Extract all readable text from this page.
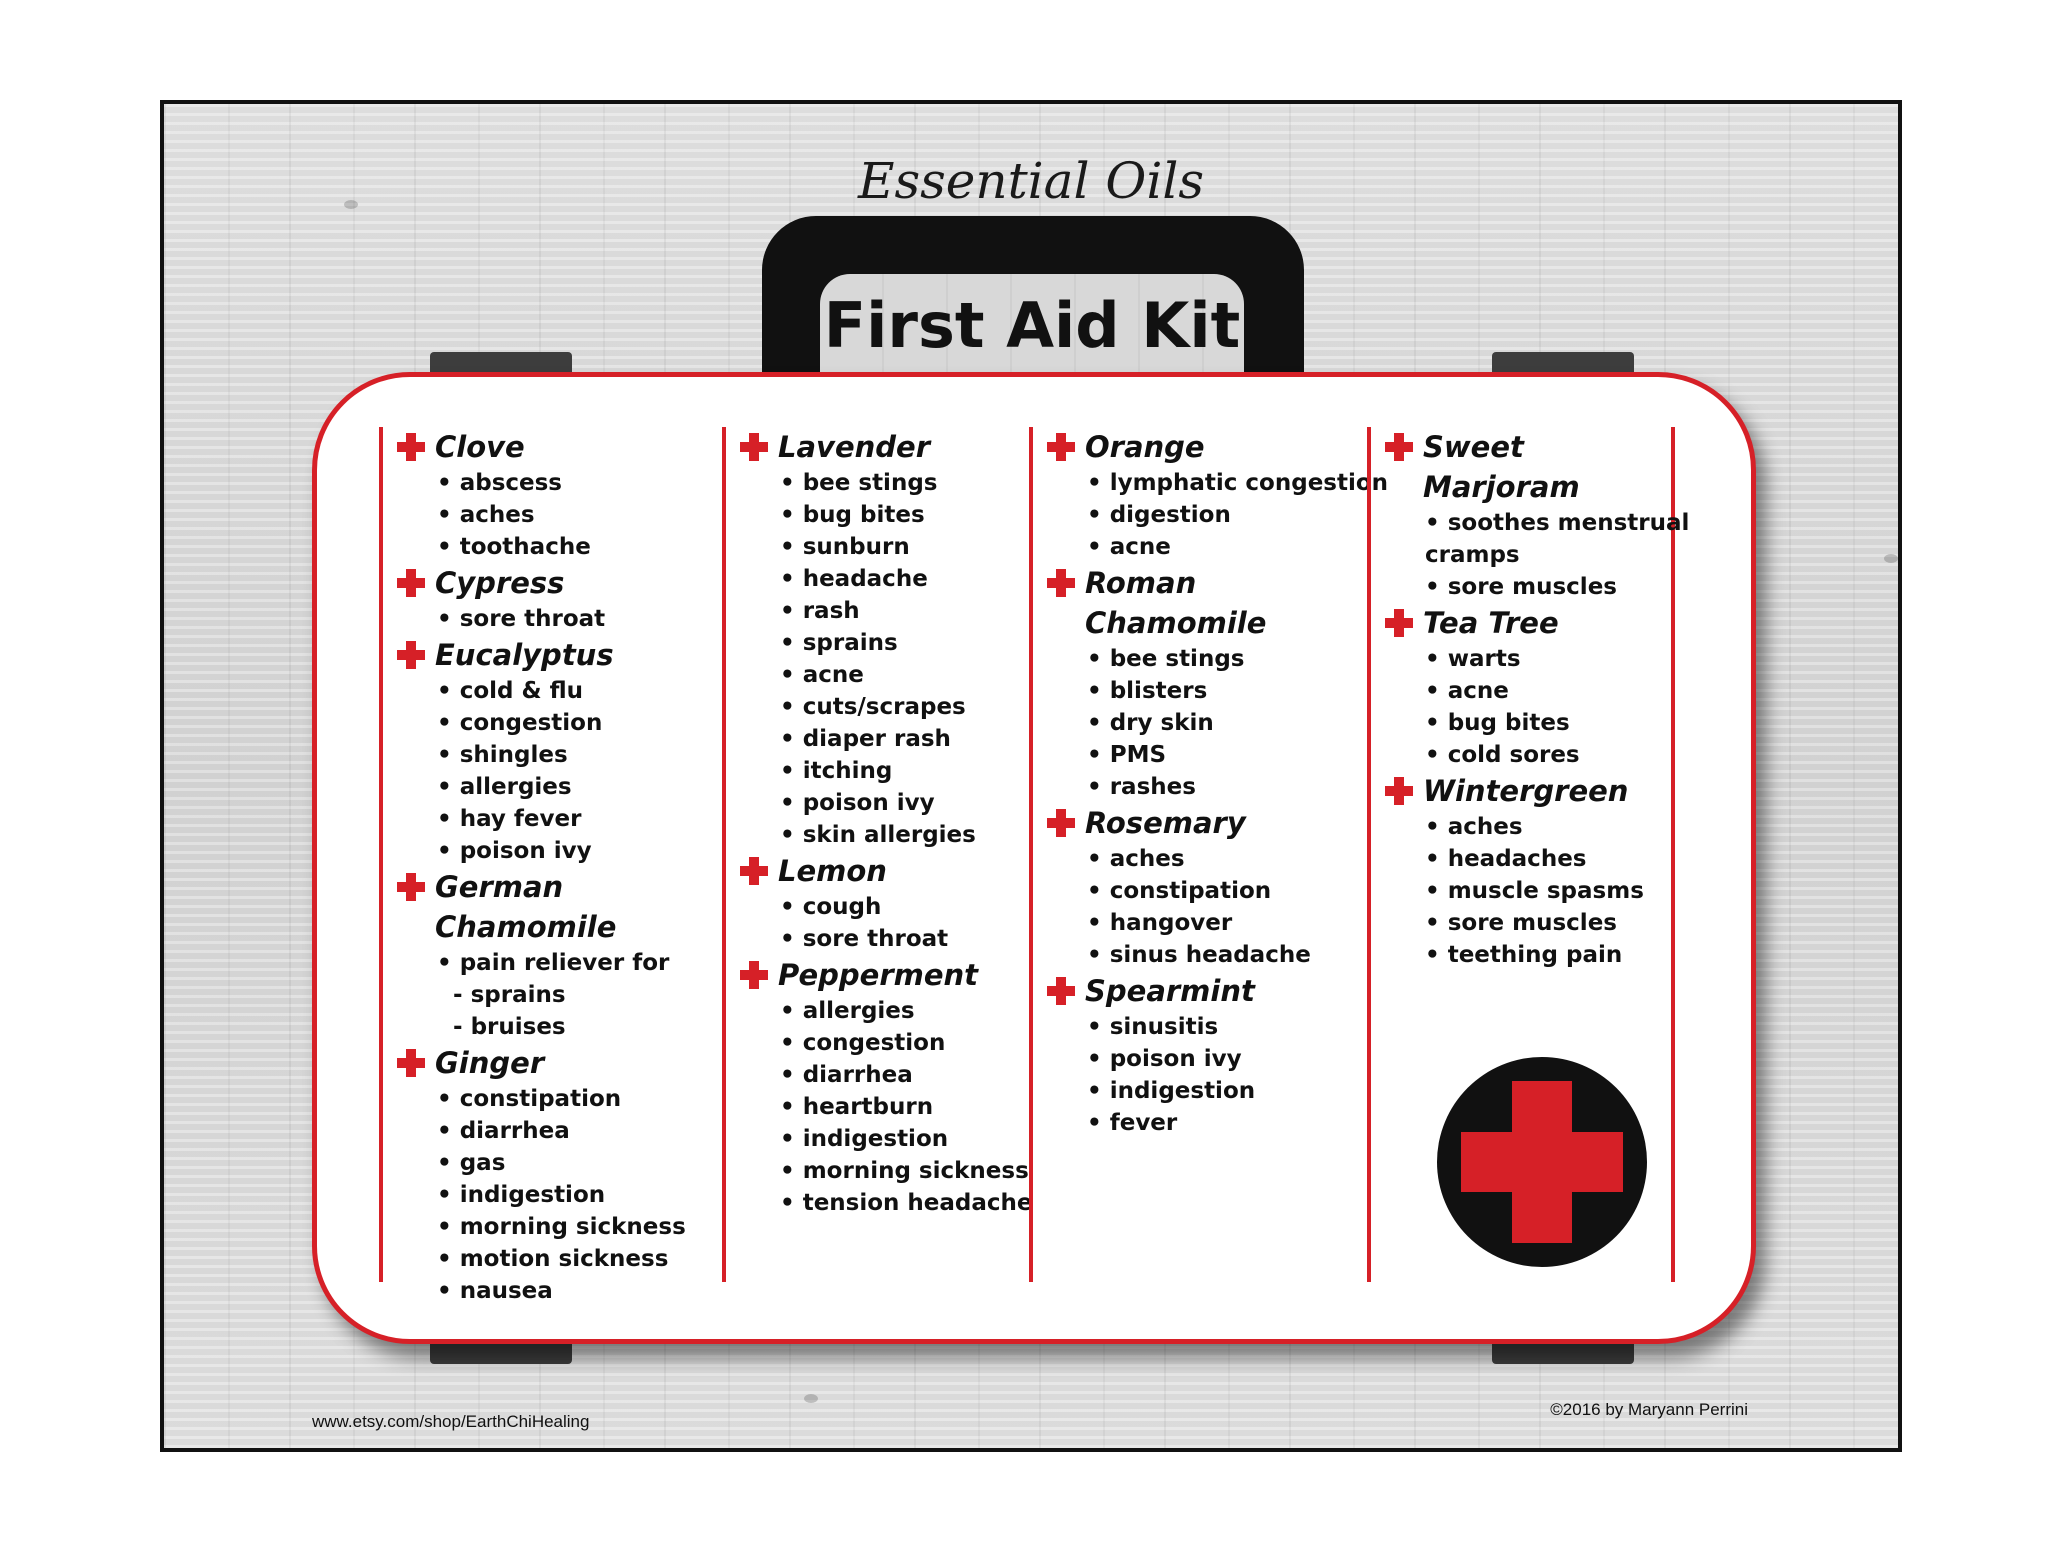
Essential Oils
First Aid Kit
Clove
• abscess
• aches
• toothache
Cypress
• sore throat
Eucalyptus
• cold & flu
• congestion
• shingles
• allergies
• hay fever
• poison ivy
German
Chamomile
• pain reliever for
- sprains
- bruises
Ginger
• constipation
• diarrhea
• gas
• indigestion
• morning sickness
• motion sickness
• nausea
Lavender
• bee stings
• bug bites
• sunburn
• headache
• rash
• sprains
• acne
• cuts/scrapes
• diaper rash
• itching
• poison ivy
• skin allergies
Lemon
• cough
• sore throat
Pepperment
• allergies
• congestion
• diarrhea
• heartburn
• indigestion
• morning sickness
• tension headache
Orange
• lymphatic congestion
• digestion
• acne
Roman
Chamomile
• bee stings
• blisters
• dry skin
• PMS
• rashes
Rosemary
• aches
• constipation
• hangover
• sinus headache
Spearmint
• sinusitis
• poison ivy
• indigestion
• fever
Sweet Marjoram
• soothes menstrual
cramps
• sore muscles
Tea Tree
• warts
• acne
• bug bites
• cold sores
Wintergreen
• aches
• headaches
• muscle spasms
• sore muscles
• teething pain
www.etsy.com/shop/EarthChiHealing
©2016 by Maryann Perrini
